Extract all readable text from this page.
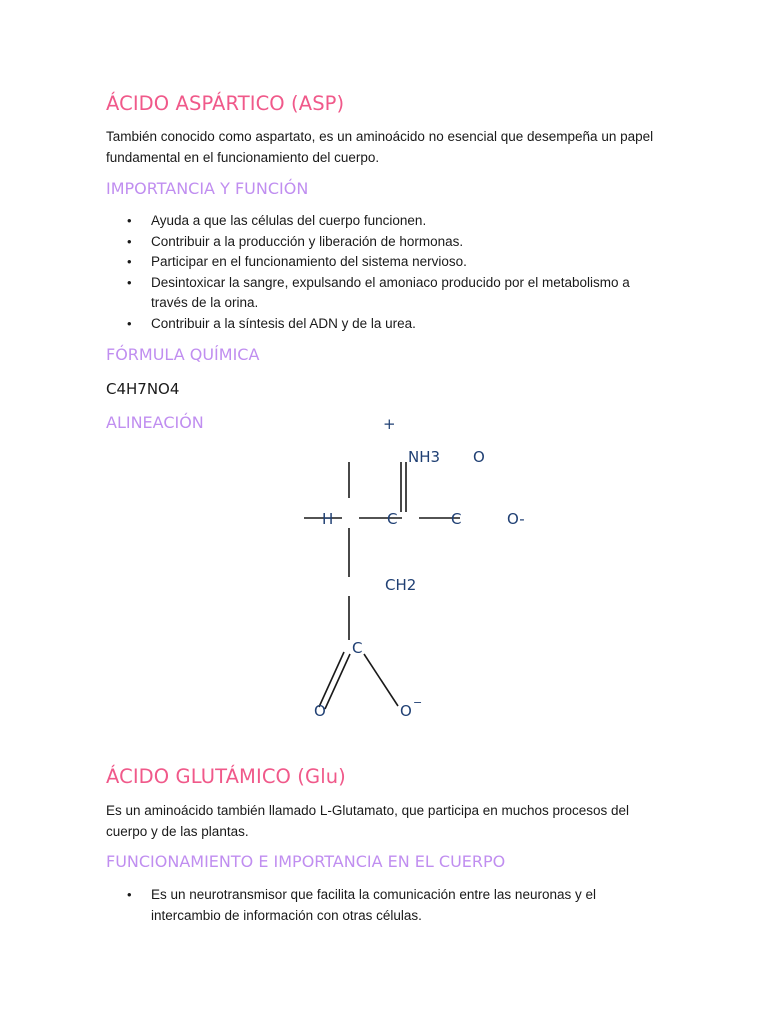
ÁCIDO ASPÁRTICO (ASP)
También conocido como aspartato, es un aminoácido no esencial que desempeña un papel fundamental en el funcionamiento del cuerpo.
IMPORTANCIA Y FUNCIÓN
• Ayuda a que las células del cuerpo funcionen.
• Contribuir a la producción y liberación de hormonas.
• Participar en el funcionamiento del sistema nervioso.
• Desintoxicar la sangre, expulsando el amoniaco producido por el metabolismo a través de la orina.
• Contribuir a la síntesis del ADN y de la urea.
FÓRMULA QUÍMICA
C4H7NO4
ALINEACIÓN	+
NH3 O
H	C	C	O-
CH2
C
O	O −
ÁCIDO GLUTÁMICO (Glu)
Es un aminoácido también llamado L-Glutamato, que participa en muchos procesos del cuerpo y de las plantas.
FUNCIONAMIENTO E IMPORTANCIA EN EL CUERPO
• Es un neurotransmisor que facilita la comunicación entre las neuronas y el intercambio de información con otras células.
